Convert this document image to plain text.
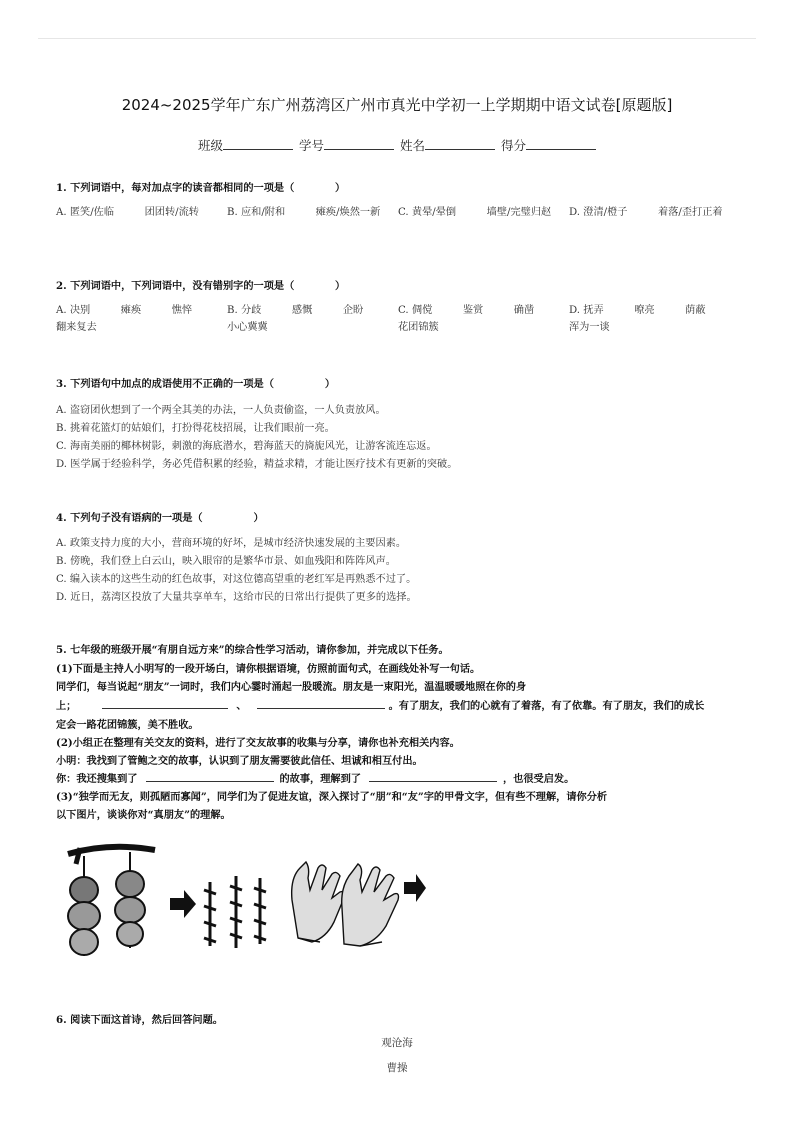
2024~2025学年广东广州荔湾区广州市真光中学初一上学期期中语文试卷[原题版]
班级	学号	姓名	得分
1. 下列词语中，每对加点字的读音都相同的一项是（　　　　）
A. 匿笑/佐临　　　团团转/流转	B. 应和/附和　　　瘫痪/焕然一新	C. 黄晕/晕倒　　　墙壁/完璧归赵	D. 澄清/橙子　　　着落/歪打正着
2. 下列词语中，下列词语中，没有错别字的一项是（　　　　）
A. 决别　　　瘫痪　　　憔悴　　　翻来复去
B. 分歧　　　感慨　　　企盼　　　小心冀冀
C. 倜傥　　　鉴赏　　　确凿　　　花团锦簇
D. 抚弄　　　嘹亮　　　荫蔽　　　浑为一谈
3. 下列语句中加点的成语使用不正确的一项是（　　　　　）
A. 盗窃团伙想到了一个两全其美的办法，一人负责偷盗，一人负责放风。
B. 挑着花篮灯的姑娘们，打扮得花枝招展，让我们眼前一亮。
C. 海南美丽的椰林树影，刺激的海底潜水，碧海蓝天的旖旎风光，让游客流连忘返。
D. 医学属于经验科学，务必凭借积累的经验，精益求精，才能让医疗技术有更新的突破。
4. 下列句子没有语病的一项是（　　　　　）
A. 政策支持力度的大小，营商环境的好坏，是城市经济快速发展的主要因素。
B. 傍晚，我们登上白云山，映入眼帘的是繁华市景、如血残阳和阵阵风声。
C. 编入读本的这些生动的红色故事，对这位德高望重的老红军是再熟悉不过了。
D. 近日，荔湾区投放了大量共享单车，这给市民的日常出行提供了更多的选择。
5. 七年级的班级开展“有朋自远方来”的综合性学习活动，请你参加，并完成以下任务。
(1)下面是主持人小明写的一段开场白，请你根据语境，仿照前面句式，在画线处补写一句话。
同学们，每当说起“朋友”一词时，我们内心霎时涌起一股暖流。朋友是一束阳光，温温暖暖地照在你的身
上；	、	。有了朋友，我们的心就有了着落，有了依靠。有了朋友，我们的成长
定会一路花团锦簇，美不胜收。
(2)小组正在整理有关交友的资料，进行了交友故事的收集与分享，请你也补充相关内容。
小明：我找到了管鲍之交的故事，认识到了朋友需要彼此信任、坦诚和相互付出。
你：我还搜集到了	的故事，理解到了	，也很受启发。
(3)“独学而无友，则孤陋而寡闻”，同学们为了促进友谊，深入探讨了“朋”和“友”字的甲骨文字，但有些不理解，请你分析
以下图片，谈谈你对“真朋友”的理解。
6. 阅读下面这首诗，然后回答问题。
观沧海
曹操
